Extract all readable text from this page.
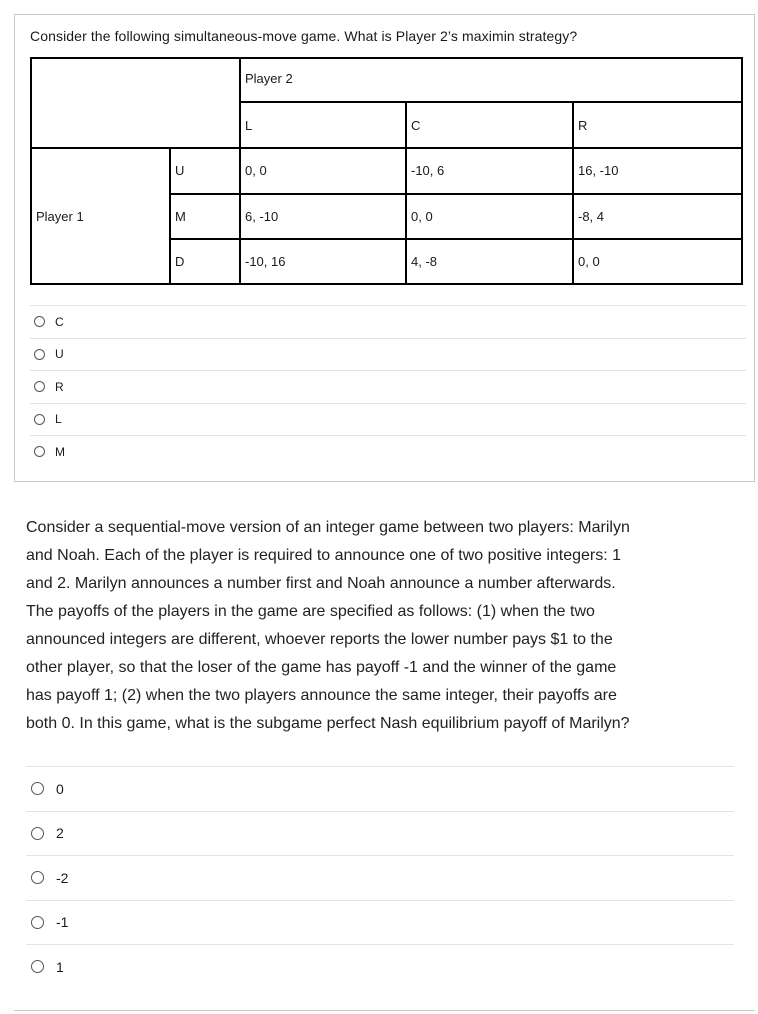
Consider the following simultaneous-move game. What is Player 2’s maximin strategy?
		Player 2		
		L	C	R
Player 1	U	0, 0	-10, 6	16, -10
	M	6, -10	0, 0	-8, 4
	D	-10, 16	4, -8	0, 0
C
U
R
L
M
Consider a sequential-move version of an integer game between two players: Marilyn
and Noah. Each of the player is required to announce one of two positive integers: 1
and 2. Marilyn announces a number first and Noah announce a number afterwards.
The payoffs of the players in the game are specified as follows: (1) when the two
announced integers are different, whoever reports the lower number pays $1 to the
other player, so that the loser of the game has payoff -1 and the winner of the game
has payoff 1; (2) when the two players announce the same integer, their payoffs are
both 0. In this game, what is the subgame perfect Nash equilibrium payoff of Marilyn?
0
2
-2
-1
1
